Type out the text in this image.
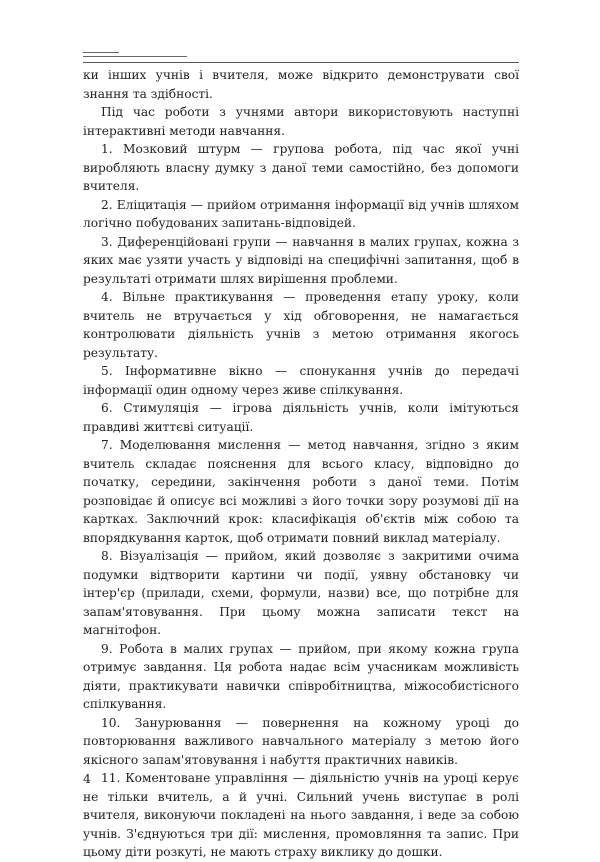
ки інших учнів і вчителя, може відкрито демонструвати свої знання та здібності.

Під час роботи з учнями автори використовують наступні інтерактивні методи навчання.

1. Мозковий штурм — групова робота, під час якої учні виробляють власну думку з даної теми самостійно, без допомоги вчителя.

2. Еліцитація — прийом отримання інформації від учнів шляхом логічно побудованих запитань-відповідей.

3. Диференційовані групи — навчання в малих групах, кожна з яких має узяти участь у відповіді на специфічні запитання, щоб в результаті отримати шлях вирішення проблеми.

4. Вільне практикування — проведення етапу уроку, коли вчитель не втручається у хід обговорення, не намагається контролювати діяльність учнів з метою отримання якогось результату.

5. Інформативне вікно — спонукання учнів до передачі інформації один одному через живе спілкування.

6. Стимуляція — ігрова діяльність учнів, коли імітуються правдиві життєві ситуації.

7. Моделювання мислення — метод навчання, згідно з яким вчитель складає пояснення для всього класу, відповідно до початку, середини, закінчення роботи з даної теми. Потім розповідає й описує всі можливі з його точки зору розумові дії на картках. Заключний крок: класифікація об'єктів між собою та впорядкування карток, щоб отримати повний виклад матеріалу.

8. Візуалізація — прийом, який дозволяє з закритими очима подумки відтворити картини чи події, уявну обстановку чи інтер'єр (прилади, схеми, формули, назви) все, що потрібне для запам'ятовування. При цьому можна записати текст на магнітофон.

9. Робота в малих групах — прийом, при якому кожна група отримує завдання. Ця робота надає всім учасникам можливість діяти, практикувати навички співробітництва, міжособистісного спілкування.

10. Занурювання — повернення на кожному уроці до повторювання важливого навчального матеріалу з метою його якісного запам'ятовування і набуття практичних навиків.

11. Коментоване управління — діяльністю учнів на уроці керує не тільки вчитель, а й учні. Сильний учень виступає в ролі вчителя, виконуючи покладені на нього завдання, і веде за собою учнів. З'єднуються три дії: мислення, промовляння та запис. При цьому діти розкуті, не мають страху виклику до дошки.

4
